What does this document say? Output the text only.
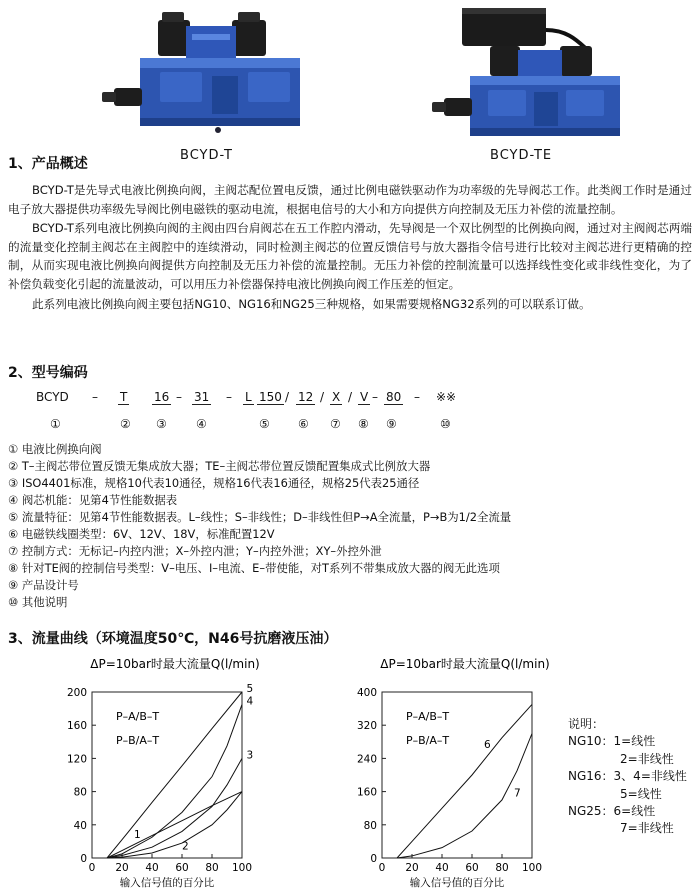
BCYD-T	BCYD-TE
1、产品概述

BCYD-T是先导式电液比例换向阀，主阀芯配位置电反馈，通过比例电磁铁驱动作为功率级的先导阀芯工作。此类阀工作时是通过电子放大器提供功率级先导阀比例电磁铁的驱动电流，根据电信号的大小和方向提供方向控制及无压力补偿的流量控制。

BCYD-T系列电液比例换向阀的主阀由四台肩阀芯在五工作腔内滑动，先导阀是一个双比例型的比例换向阀，通过对主阀阀芯两端的流量变化控制主阀芯在主阀腔中的连续滑动，同时检测主阀芯的位置反馈信号与放大器指令信号进行比较对主阀芯进行更精确的控制，从而实现电液比例换向阀提供方向控制及无压力补偿的流量控制。无压力补偿的控制流量可以选择线性变化或非线性变化，为了补偿负载变化引起的流量波动，可以用压力补偿器保持电液比例换向阀工作压差的恒定。

此系列电液比例换向阀主要包括NG10、NG16和NG25三种规格，如果需要规格NG32系列的可以联系订做。

2、型号编码
BCYD – T 16 – 31 – L 150 / 12 / X / V – 80 – ※※
①	② ③ ④	⑤ ⑥ ⑦ ⑧ ⑨	⑩
① 电液比例换向阀
② T–主阀芯带位置反馈无集成放大器；TE–主阀芯带位置反馈配置集成式比例放大器
③ ISO4401标准，规格10代表10通径，规格16代表16通径，规格25代表25通径
④ 阀芯机能：见第4节性能数据表
⑤ 流量特征：见第4节性能数据表。L–线性；S–非线性；D–非线性但P→A全流量，P→B为1/2全流量
⑥ 电磁铁线圈类型：6V、12V、18V，标准配置12V
⑦ 控制方式：无标记–内控内泄；X–外控内泄；Y–内控外泄；XY–外控外泄
⑧ 针对TE阀的控制信号类型：V–电压、I–电流、E–带使能，对T系列不带集成放大器的阀无此选项
⑨ 产品设计号
⑩ 其他说明
3、流量曲线（环境温度50℃，N46号抗磨液压油）
ΔP=10bar时最大流量Q(l/min)
0 20 40 60 80 100
0
40
80
120
160
200
输入信号值的百分比
P–A/B–T
P–B/A–T
1
2
3
4
5
ΔP=10bar时最大流量Q(l/min)
0 20 40 60 80 100
0
80
160
240
320
400
输入信号值的百分比
P–A/B–T
P–B/A–T	6
7
说明：
NG10：1=线性
2=非线性
NG16：3、4=非线性
5=线性
NG25：6=线性
7=非线性
